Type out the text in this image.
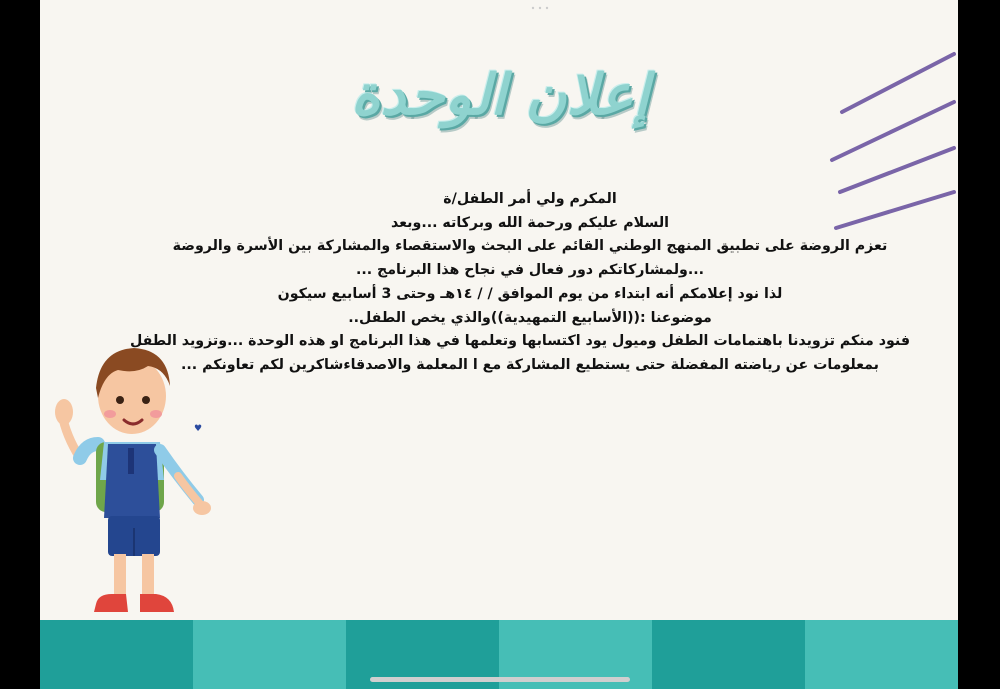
إعلان الوحدة
المكرم ولي أمر الطفل/ة
السلام عليكم ورحمة الله وبركاته ...وبعد
تعزم الروضة على تطبيق المنهج الوطني القائم على البحث والاستقصاء والمشاركة بين الأسرة والروضة
...ولمشاركاتكم دور فعال في نجاح هذا البرنامج ...
لذا نود إعلامكم أنه ابتداء من يوم الموافق / / ١٤هـ وحتى 3 أسابيع سيكون
موضوعنا :((الأسابيع التمهيدية))والذي يخص الطفل..
فنود منكم تزويدنا باهتمامات الطفل وميول يود اكتسابها وتعلمها في هذا البرنامج او هذه الوحدة ...وتزويد الطفل
بمعلومات عن رياضته المفضلة حتى يستطيع المشاركة مع ا المعلمة والاصدقاءشاكرين لكم تعاونكم ...
♥
